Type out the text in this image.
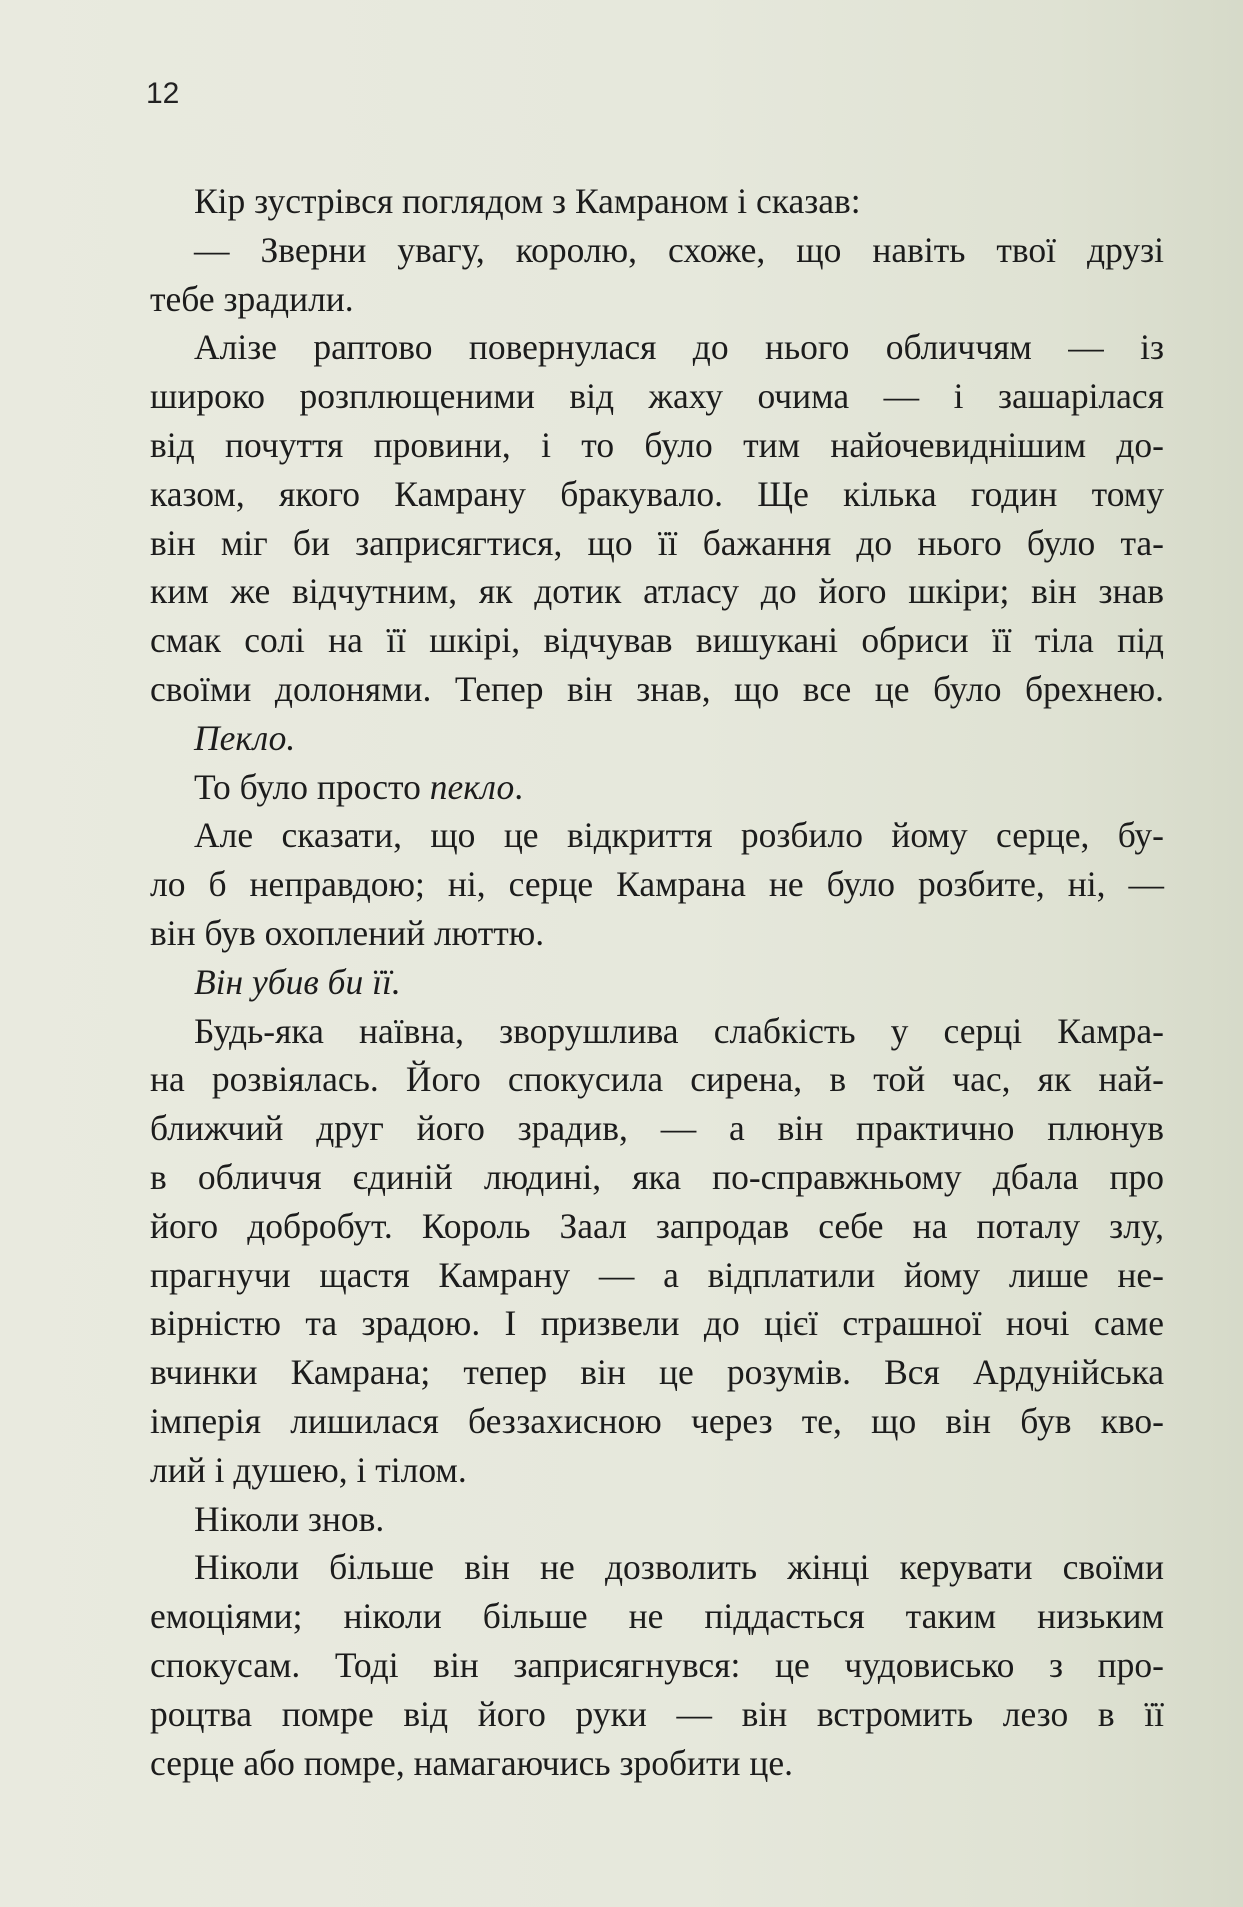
12
Кір зустрівся поглядом з Камраном і сказав:
— Зверни увагу, королю, схоже, що навіть твої друзі
тебе зрадили.
Алізе раптово повернулася до нього обличчям — із
широко розплющеними від жаху очима — і зашарілася
від почуття провини, і то було тим найочевиднішим до-
казом, якого Камрану бракувало. Ще кілька годин тому
він міг би заприсягтися, що її бажання до нього було та-
ким же відчутним, як дотик атласу до його шкіри; він знав
смак солі на її шкірі, відчував вишукані обриси її тіла під
своїми долонями. Тепер він знав, що все це було брехнею.
Пекло.
То було просто пекло.
Але сказати, що це відкриття розбило йому серце, бу-
ло б неправдою; ні, серце Камрана не було розбите, ні, —
він був охоплений люттю.
Він убив би її.
Будь-яка наївна, зворушлива слабкість у серці Камра-
на розвіялась. Його спокусила сирена, в той час, як най-
ближчий друг його зрадив, — а він практично плюнув
в обличчя єдиній людині, яка по-справжньому дбала про
його добробут. Король Заал запродав себе на поталу злу,
прагнучи щастя Камрану — а відплатили йому лише не-
вірністю та зрадою. І призвели до цієї страшної ночі саме
вчинки Камрана; тепер він це розумів. Вся Ардунійська
імперія лишилася беззахисною через те, що він був кво-
лий і душею, і тілом.
Ніколи знов.
Ніколи більше він не дозволить жінці керувати своїми
емоціями; ніколи більше не піддасться таким низьким
спокусам. Тоді він заприсягнувся: це чудовисько з про-
роцтва помре від його руки — він встромить лезо в її
серце або помре, намагаючись зробити це.
